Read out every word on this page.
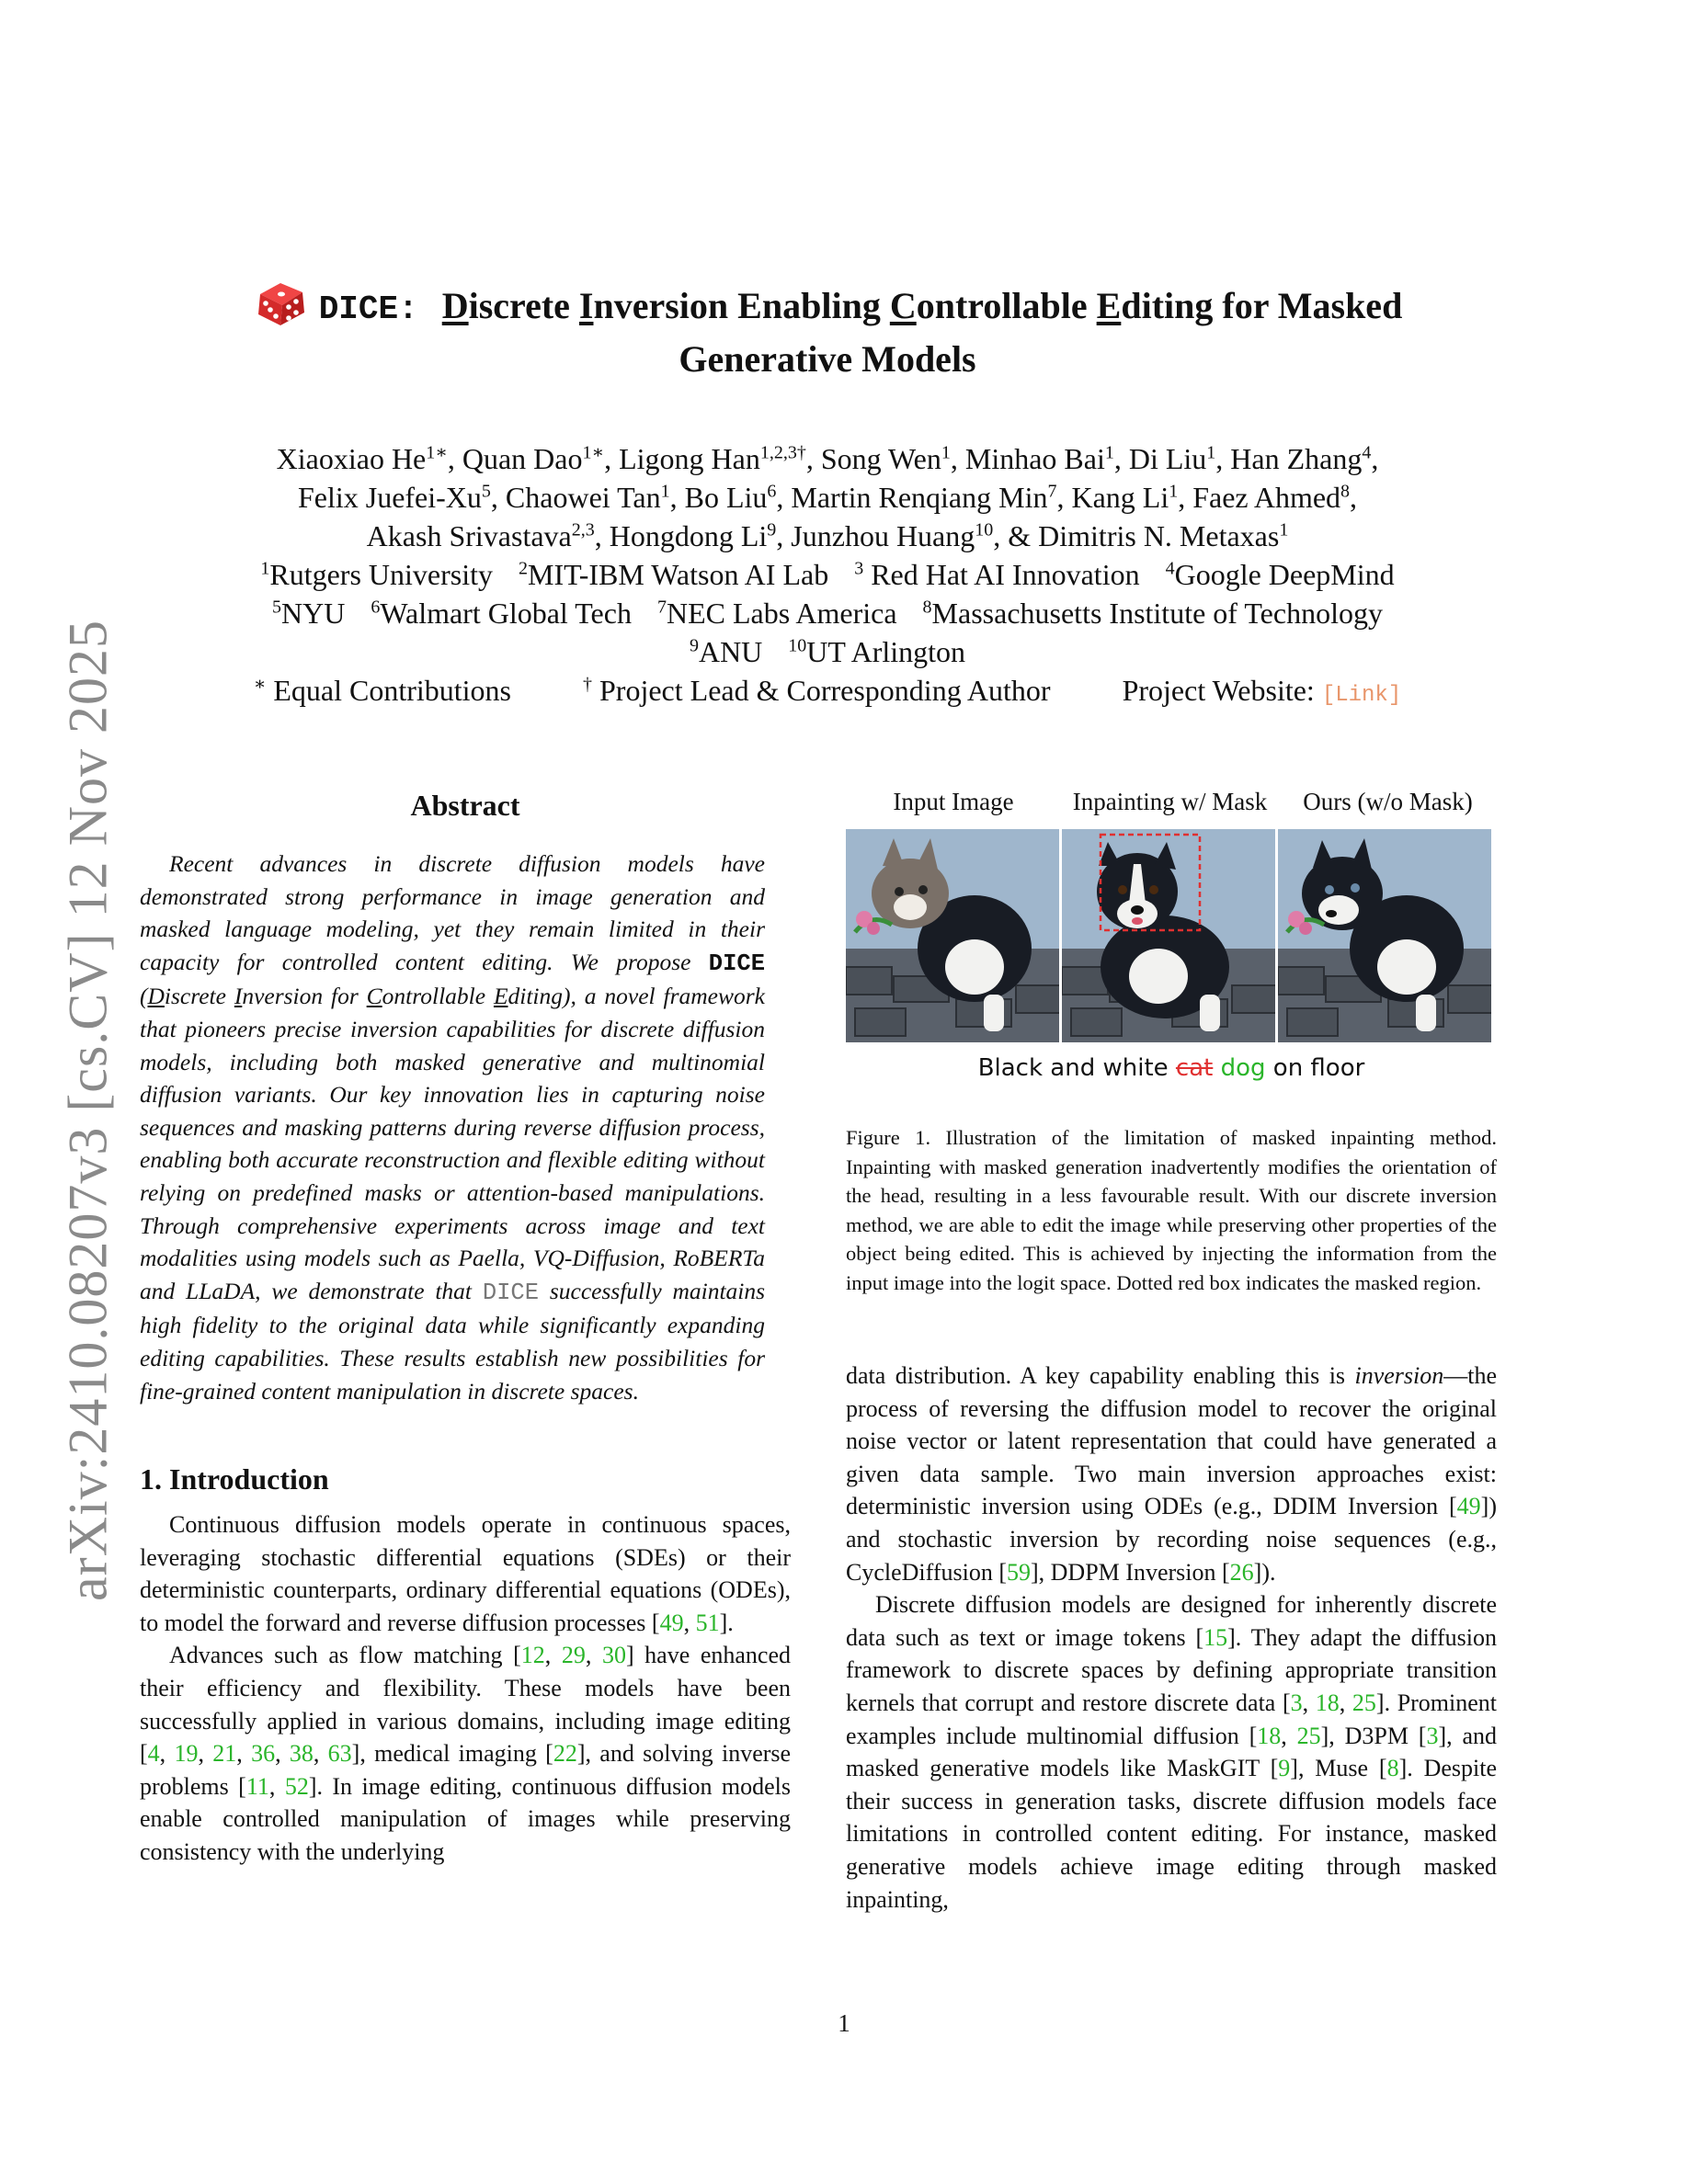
arXiv:2410.08207v3 [cs.CV] 12 Nov 2025
DICE: Discrete Inversion Enabling Controllable Editing for Masked
Generative Models
Xiaoxiao $He^{1∗}$, Quan Dao$^{1∗}$, Ligong Han$^{1,2,3\dagger}$, Song Wen$^1$, Minhao Bai$^1$, Di Liu$^1$, Han Zhang$^4$,
Felix Juefei-Xu$^5$, Chaowei Tan$^1$, Bo Liu$^6$, Martin Renqiang Min$^7$, Kang Li$^1$, Faez Ahmed$^8$,
Akash Srivastava$^{2,3}$, Hongdong Li$^9$, Junzhou Huang$^{10}$, & Dimitris N. Metaxas$^1$
$^1$Rutgers University $^2$MIT-IBM Watson AI Lab $^3$ Red Hat AI Innovation $^4$Google DeepMind
$^5$NYU $^6$Walmart Global Tech $^7$NEC Labs America $^8$Massachusetts Institute of Technology
$^9$ANU $^{10}$UT Arlington
∗ Equal Contributions	† Project Lead & Corresponding Author Project Website: [Link]
Abstract

Recent advances in discrete diffusion models have demonstrated strong performance in image generation and masked language modeling, yet they remain limited in their capacity for controlled content editing. We propose DICE (Discrete Inversion for Controllable Editing), a novel framework that pioneers precise inversion capabilities for discrete diffusion models, including both masked generative and multinomial diffusion variants. Our key innovation lies in capturing noise sequences and masking patterns during reverse diffusion process, enabling both accurate reconstruction and flexible editing without relying on predefined masks or attention-based manipulations. Through comprehensive experiments across image and text modalities using models such as Paella, VQ-Diffusion, RoBERTa and LLaDA, we demonstrate that DICE successfully maintains high fidelity to the original data while significantly expanding editing capabilities. These results establish new possibilities for fine-grained content manipulation in discrete spaces.

1. Introduction

Continuous diffusion models operate in continuous spaces, leveraging stochastic differential equations (SDEs) or their deterministic counterparts, ordinary differential equations (ODEs), to model the forward and reverse diffusion processes [49, 51].

Advances such as flow matching [12, 29, 30] have enhanced their efficiency and flexibility. These models have been successfully applied in various domains, including image editing [4, 19, 21, 36, 38, 63], medical imaging [22], and solving inverse problems [11, 52]. In image editing, continuous diffusion models enable controlled manipulation of images while preserving consistency with the underlying

Input Image	Inpainting w/ Mask	Ours (w/o Mask)
Black and white cat dog on floor
Figure 1. Illustration of the limitation of masked inpainting method. Inpainting with masked generation inadvertently modifies the orientation of the head, resulting in a less favourable result. With our discrete inversion method, we are able to edit the image while preserving other properties of the object being edited. This is achieved by injecting the information from the input image into the logit space. Dotted red box indicates the masked region.

data distribution. A key capability enabling this is inversion—the process of reversing the diffusion model to recover the original noise vector or latent representation that could have generated a given data sample. Two main inversion approaches exist: deterministic inversion using ODEs (e.g., DDIM Inversion [49]) and stochastic inversion by recording noise sequences (e.g., CycleDiffusion [59], DDPM Inversion [26]).

Discrete diffusion models are designed for inherently discrete data such as text or image tokens [15]. They adapt the diffusion framework to discrete spaces by defining appropriate transition kernels that corrupt and restore discrete data [3, 18, 25]. Prominent examples include multinomial diffusion [18, 25], D3PM [3], and masked generative models like MaskGIT [9], Muse [8]. Despite their success in generation tasks, discrete diffusion models face limitations in controlled content editing. For instance, masked generative models achieve image editing through masked inpainting,

1
